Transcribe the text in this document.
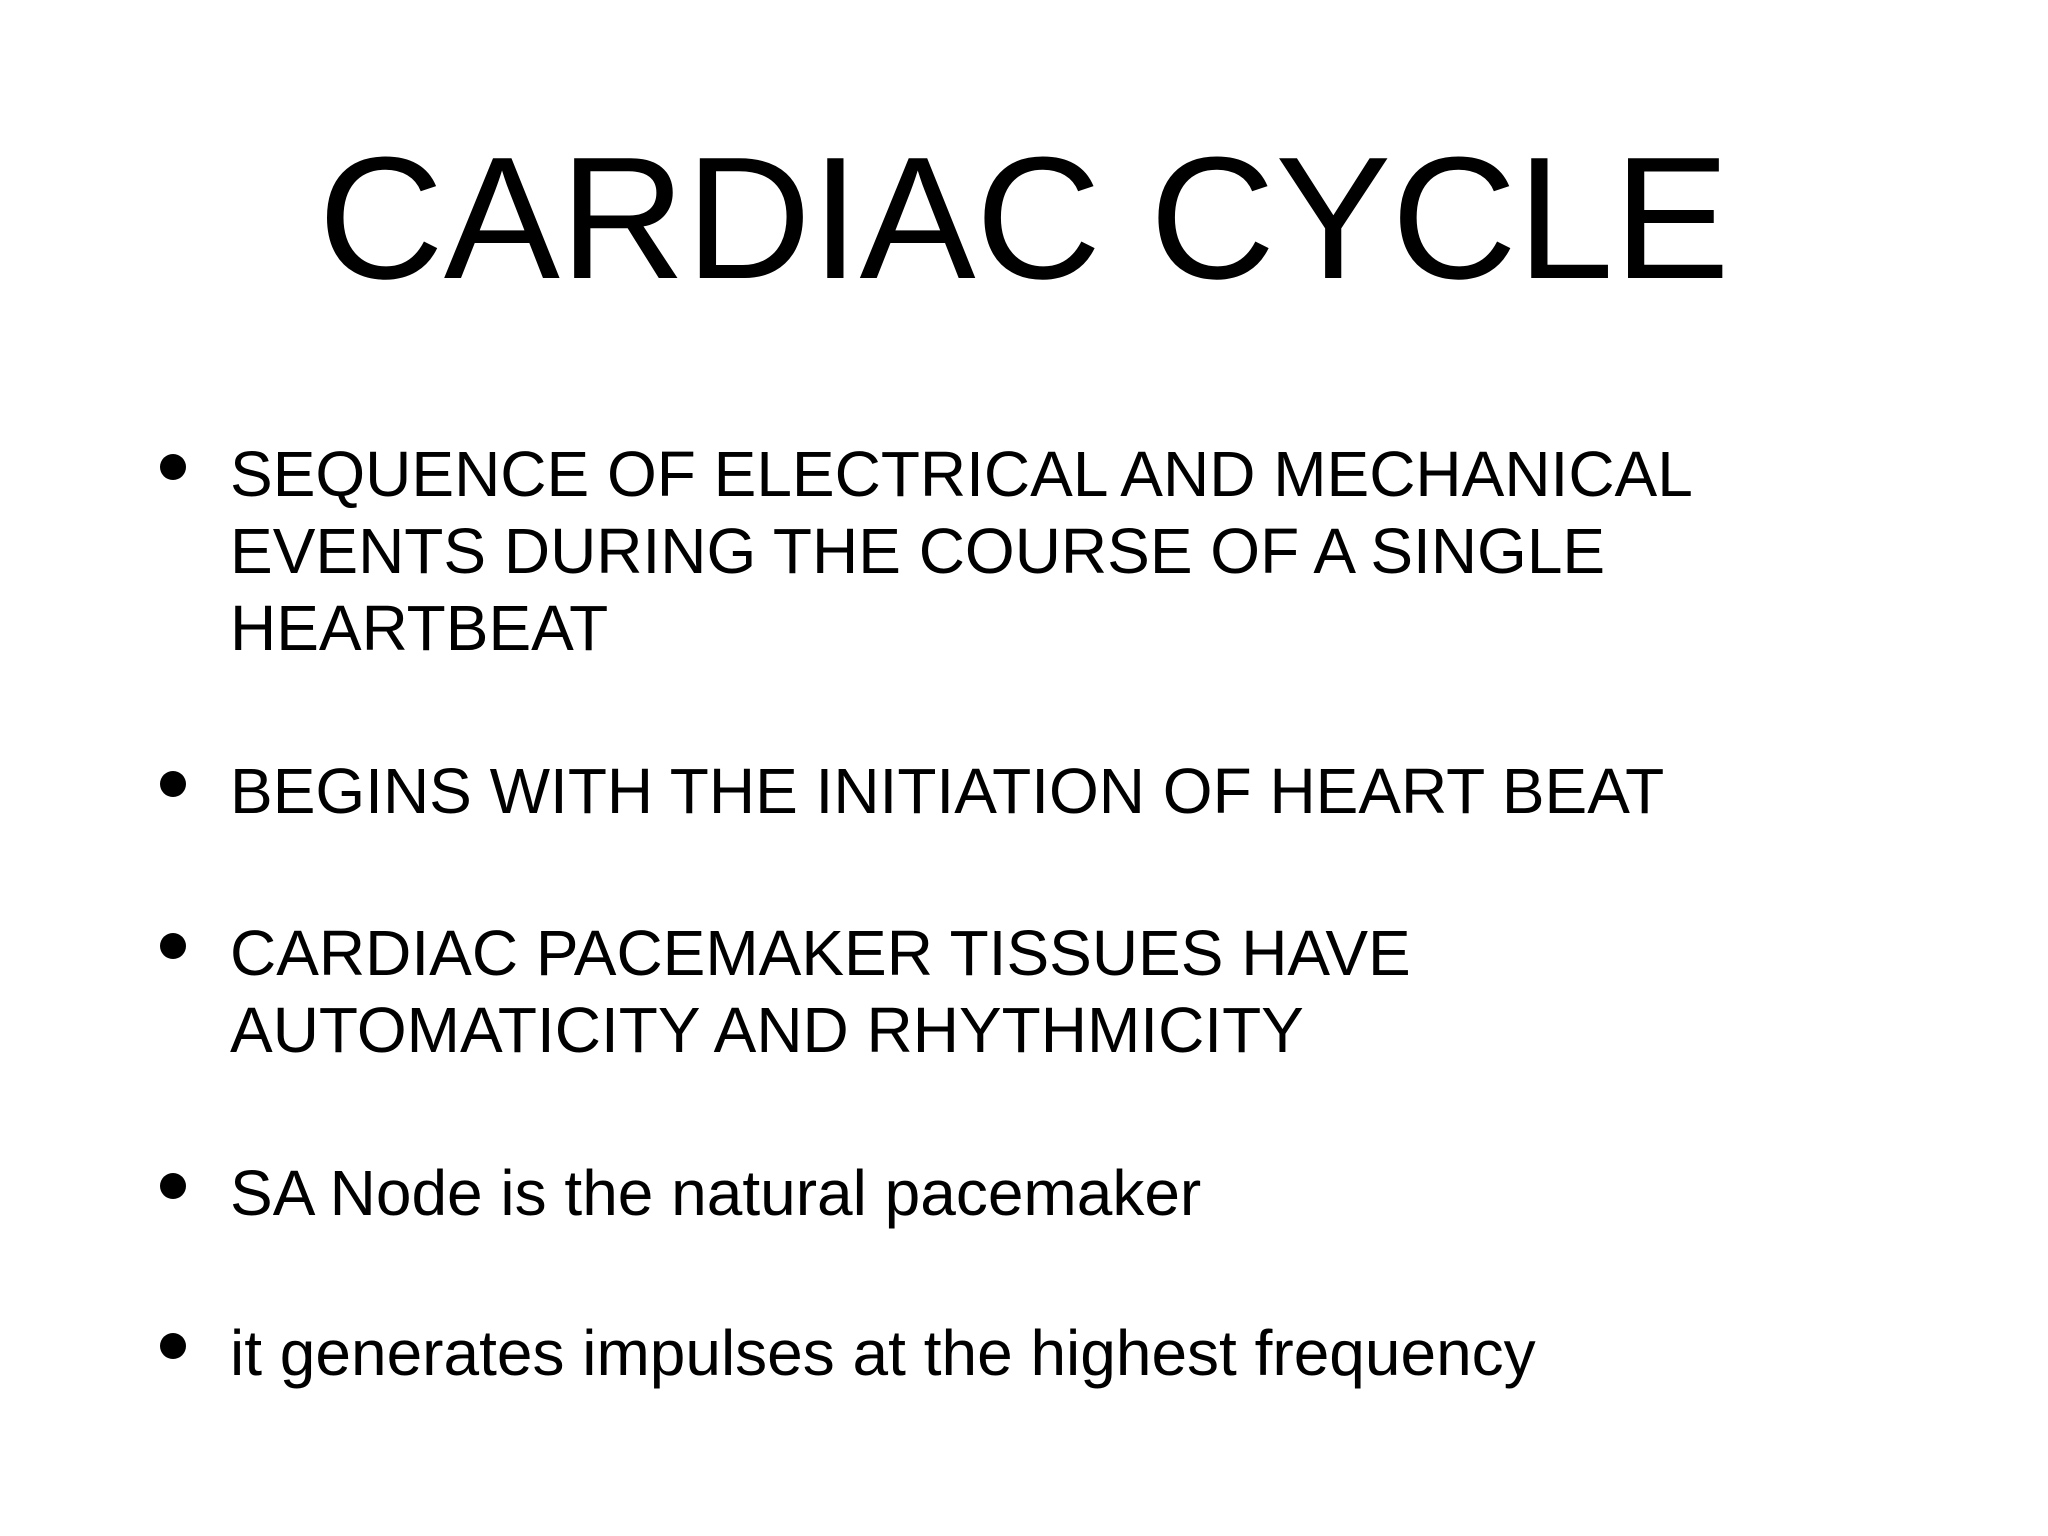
CARDIAC CYCLE
SEQUENCE OF ELECTRICAL AND MECHANICAL
EVENTS DURING THE COURSE OF A SINGLE
HEARTBEAT
BEGINS WITH THE INITIATION OF HEART BEAT
CARDIAC PACEMAKER TISSUES HAVE
AUTOMATICITY AND RHYTHMICITY
SA Node is the natural pacemaker
it generates impulses at the highest frequency
